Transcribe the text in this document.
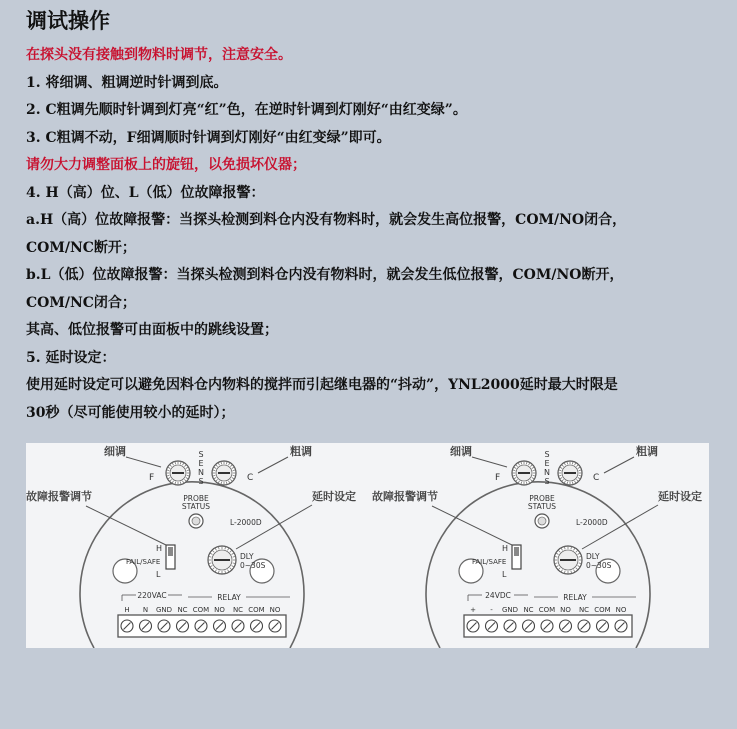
调试操作
在探头没有接触到物料时调节，注意安全。
1. 将细调、粗调逆时针调到底。
2. C粗调先顺时针调到灯亮“红”色，在逆时针调到灯刚好“由红变绿”。
3. C粗调不动，F细调顺时针调到灯刚好“由红变绿”即可。
请勿大力调整面板上的旋钮，以免损坏仪器；
4. H（高）位、L（低）位故障报警：
a.H（高）位故障报警：当探头检测到料仓内没有物料时，就会发生高位报警，COM/NO闭合，
COM/NC断开；
b.L（低）位故障报警：当探头检测到料仓内没有物料时，就会发生低位报警，COM/NO断开，
COM/NC闭合；
其高、低位报警可由面板中的跳线设置；
5. 延时设定：
使用延时设定可以避免因料仓内物料的搅拌而引起继电器的“抖动”，YNL2000延时最大时限是
30秒（尽可能使用较小的延时）；
S
E
N
S
F	C
PROBE
STATUS
L-2000D
H
L
FAIL/SAFE
DLY
0~30S
220VAC	RELAY
H N GND NC COM NO NC COM NO
细调	粗调
故障报警调节	延时设定
S
E
N
S
F	C
PROBE
STATUS
L-2000D
H
L
FAIL/SAFE
DLY
0~30S
24VDC	RELAY
+ - GND NC COM NO NC COM NO
细调	粗调
故障报警调节	延时设定
